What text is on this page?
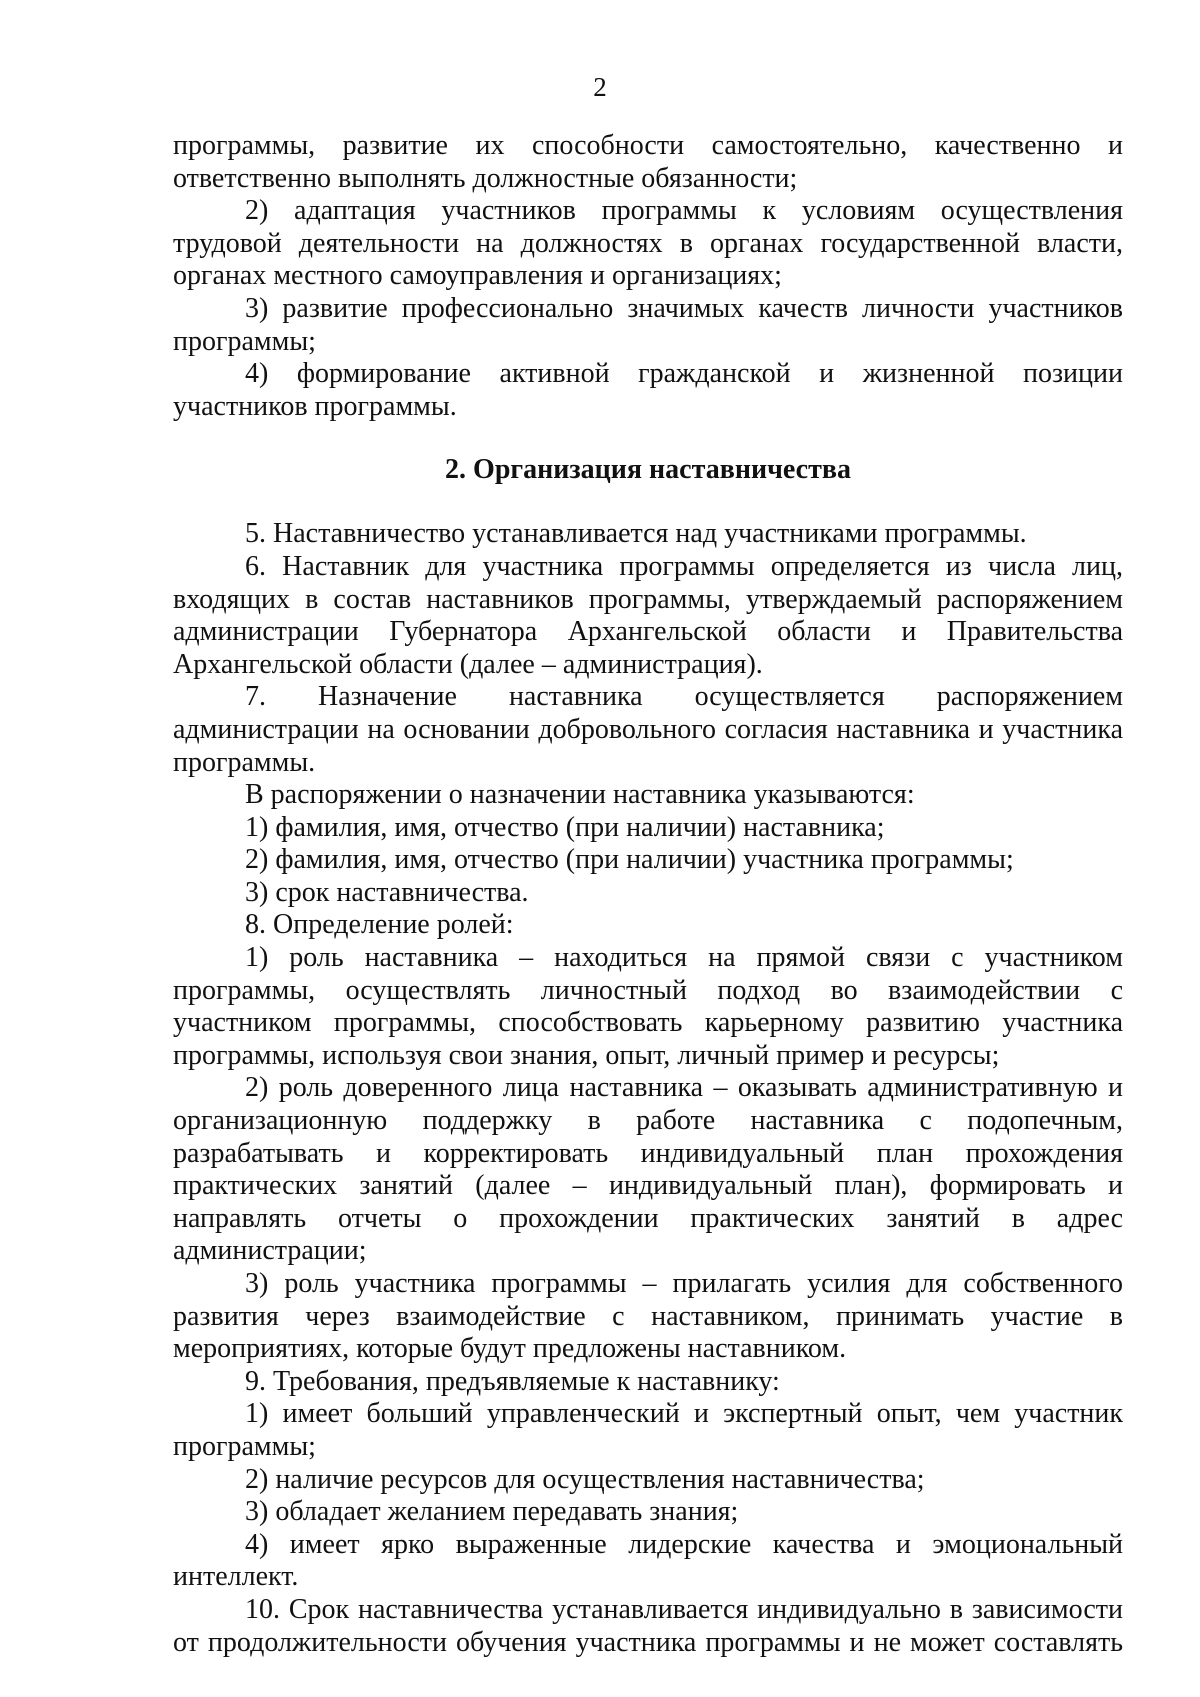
2

программы, развитие их способности самостоятельно, качественно и ответственно выполнять должностные обязанности;

2) адаптация участников программы к условиям осуществления трудовой деятельности на должностях в органах государственной власти, органах местного самоуправления и организациях;

3) развитие профессионально значимых качеств личности участников программы;

4) формирование активной гражданской и жизненной позиции участников программы.

2. Организация наставничества

5. Наставничество устанавливается над участниками программы.

6. Наставник для участника программы определяется из числа лиц, входящих в состав наставников программы, утверждаемый распоряжением администрации Губернатора Архангельской области и Правительства Архангельской области (далее – администрация).

7. Назначение наставника осуществляется распоряжением администрации на основании добровольного согласия наставника и участника программы.

В распоряжении о назначении наставника указываются:

1) фамилия, имя, отчество (при наличии) наставника;

2) фамилия, имя, отчество (при наличии) участника программы;

3) срок наставничества.

8. Определение ролей:

1) роль наставника – находиться на прямой связи с участником программы, осуществлять личностный подход во взаимодействии с участником программы, способствовать карьерному развитию участника программы, используя свои знания, опыт, личный пример и ресурсы;

2) роль доверенного лица наставника – оказывать административную и организационную поддержку в работе наставника с подопечным, разрабатывать и корректировать индивидуальный план прохождения практических занятий (далее – индивидуальный план), формировать и направлять отчеты о прохождении практических занятий в адрес администрации;

3) роль участника программы – прилагать усилия для собственного развития через взаимодействие с наставником, принимать участие в мероприятиях, которые будут предложены наставником.

9. Требования, предъявляемые к наставнику:

1) имеет больший управленческий и экспертный опыт, чем участник программы;

2) наличие ресурсов для осуществления наставничества;

3) обладает желанием передавать знания;

4) имеет ярко выраженные лидерские качества и эмоциональный интеллект.

10. Срок наставничества устанавливается индивидуально в зависимости от продолжительности обучения участника программы и не может составлять
